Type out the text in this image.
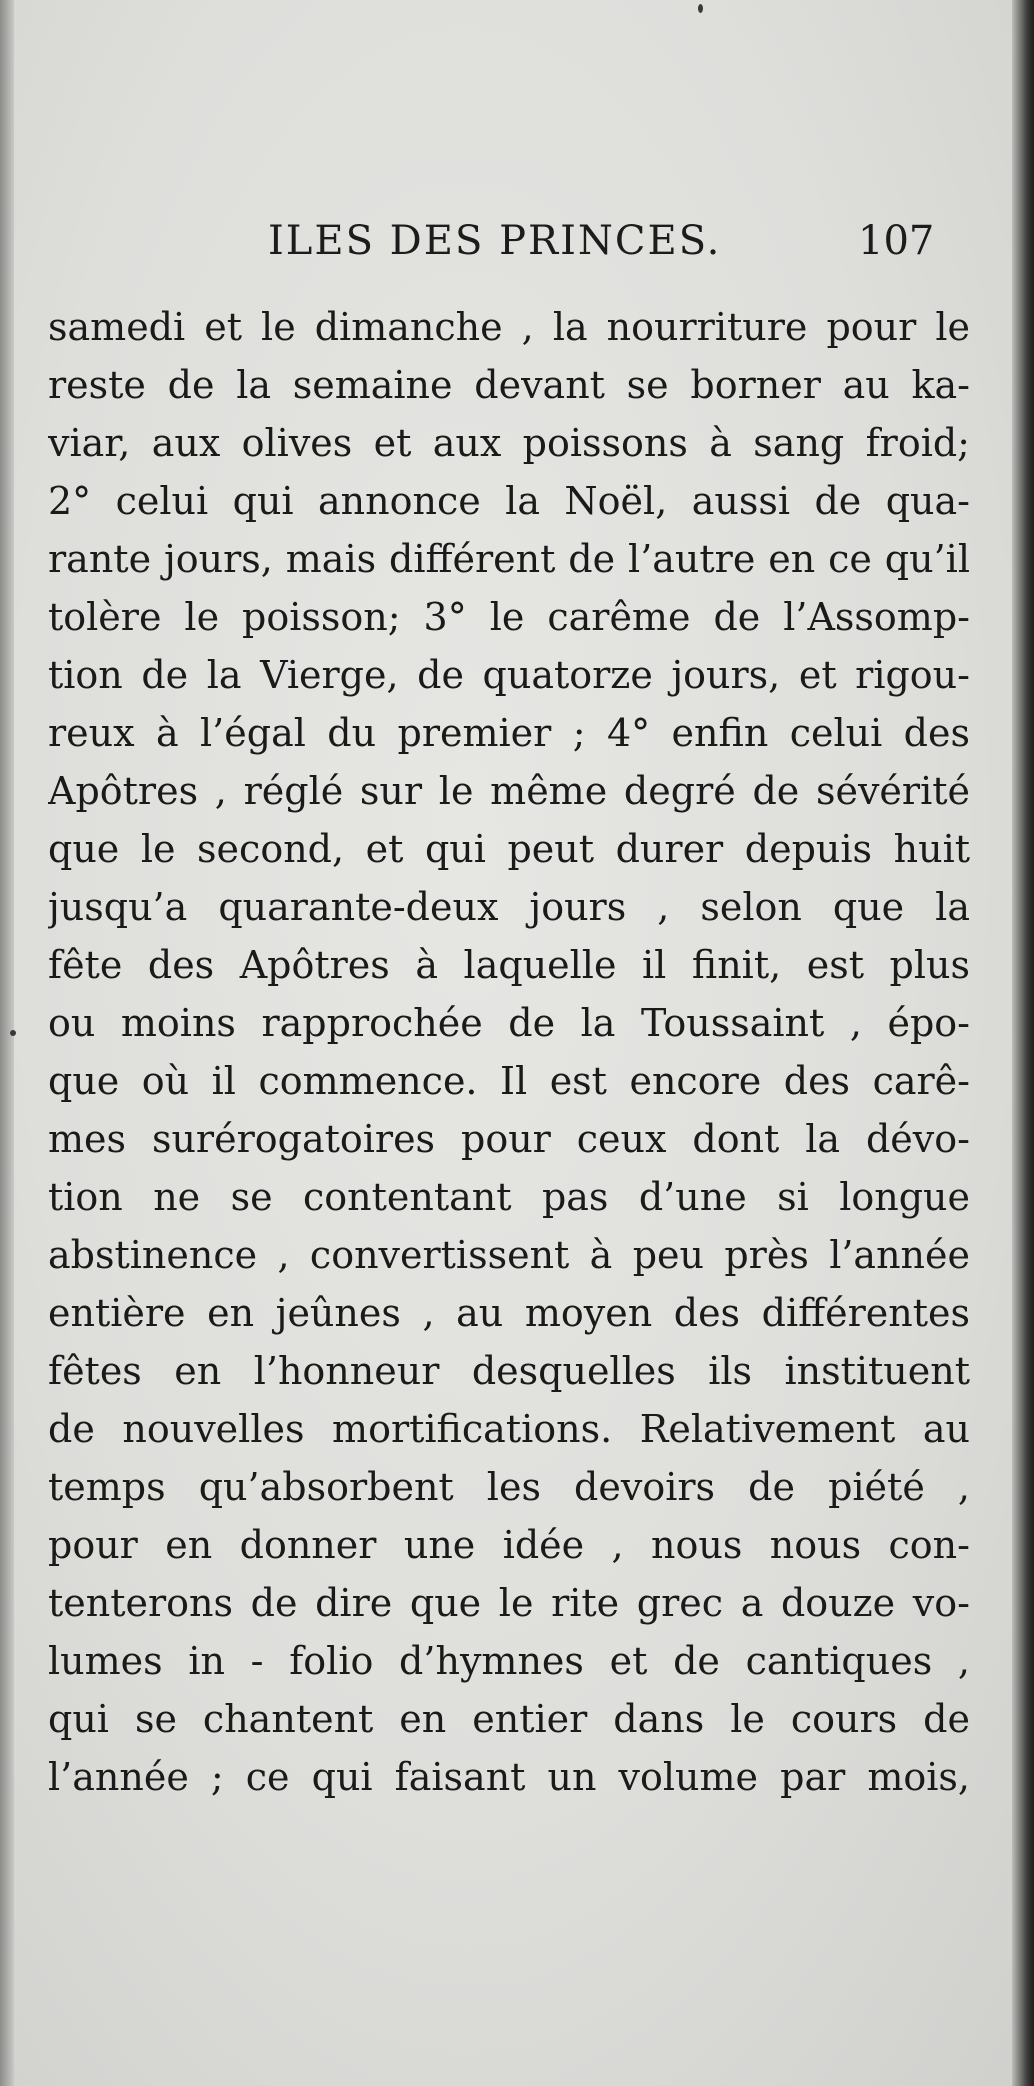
ILES DES PRINCES.	107
samedi et le dimanche , la nourriture pour le
reste de la semaine devant se borner au ka-
viar, aux olives et aux poissons à sang froid;
2° celui qui annonce la Noël, aussi de qua-
rante jours, mais différent de l’autre en ce qu’il
tolère le poisson; 3° le carême de l’Assomp-
tion de la Vierge, de quatorze jours, et rigou-
reux à l’égal du premier ; 4° enfin celui des
Apôtres , réglé sur le même degré de sévérité
que le second, et qui peut durer depuis huit
jusqu’a quarante-deux jours , selon que la
fête des Apôtres à laquelle il finit, est plus
ou moins rapprochée de la Toussaint , épo-
que où il commence. Il est encore des carê-
mes surérogatoires pour ceux dont la dévo-
tion ne se contentant pas d’une si longue
abstinence , convertissent à peu près l’année
entière en jeûnes , au moyen des différentes
fêtes en l’honneur desquelles ils instituent
de nouvelles mortifications. Relativement au
temps qu’absorbent les devoirs de piété ,
pour en donner une idée , nous nous con-
tenterons de dire que le rite grec a douze vo-
lumes in - folio d’hymnes et de cantiques ,
qui se chantent en entier dans le cours de
l’année ; ce qui faisant un volume par mois,
